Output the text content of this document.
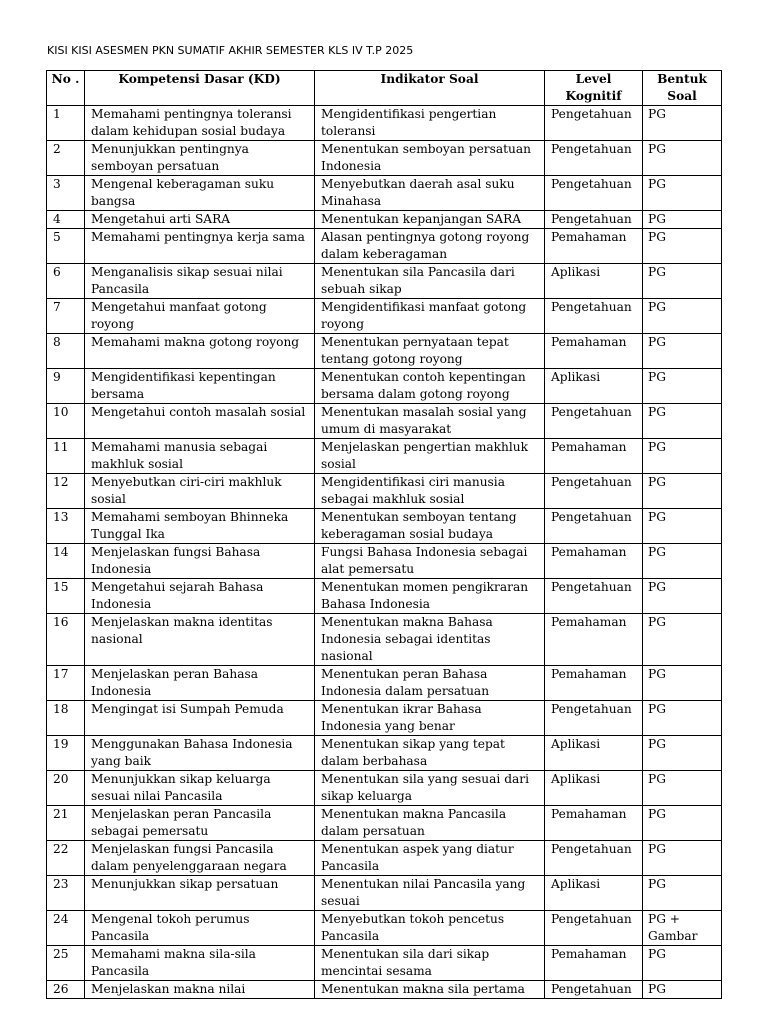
KISI KISI ASESMEN PKN SUMATIF AKHIR SEMESTER KLS IV T.P 2025
No .	Kompetensi Dasar (KD)	Indikator Soal	Level Kognitif	Bentuk Soal
1	Memahami pentingnya toleransi dalam kehidupan sosial budaya	Mengidentifikasi pengertian toleransi	Pengetahuan	PG
2	Menunjukkan pentingnya semboyan persatuan	Menentukan semboyan persatuan Indonesia	Pengetahuan	PG
3	Mengenal keberagaman suku bangsa	Menyebutkan daerah asal suku Minahasa	Pengetahuan	PG
4	Mengetahui arti SARA	Menentukan kepanjangan SARA	Pengetahuan	PG
5	Memahami pentingnya kerja sama	Alasan pentingnya gotong royong dalam keberagaman	Pemahaman	PG
6	Menganalisis sikap sesuai nilai Pancasila	Menentukan sila Pancasila dari sebuah sikap	Aplikasi	PG
7	Mengetahui manfaat gotong royong	Mengidentifikasi manfaat gotong royong	Pengetahuan	PG
8	Memahami makna gotong royong	Menentukan pernyataan tepat tentang gotong royong	Pemahaman	PG
9	Mengidentifikasi kepentingan bersama	Menentukan contoh kepentingan bersama dalam gotong royong	Aplikasi	PG
10	Mengetahui contoh masalah sosial	Menentukan masalah sosial yang umum di masyarakat	Pengetahuan	PG
11	Memahami manusia sebagai makhluk sosial	Menjelaskan pengertian makhluk sosial	Pemahaman	PG
12	Menyebutkan ciri-ciri makhluk sosial	Mengidentifikasi ciri manusia sebagai makhluk sosial	Pengetahuan	PG
13	Memahami semboyan Bhinneka Tunggal Ika	Menentukan semboyan tentang keberagaman sosial budaya	Pengetahuan	PG
14	Menjelaskan fungsi Bahasa Indonesia	Fungsi Bahasa Indonesia sebagai alat pemersatu	Pemahaman	PG
15	Mengetahui sejarah Bahasa Indonesia	Menentukan momen pengikraran Bahasa Indonesia	Pengetahuan	PG
16	Menjelaskan makna identitas nasional	Menentukan makna Bahasa Indonesia sebagai identitas nasional	Pemahaman	PG
17	Menjelaskan peran Bahasa Indonesia	Menentukan peran Bahasa Indonesia dalam persatuan	Pemahaman	PG
18	Mengingat isi Sumpah Pemuda	Menentukan ikrar Bahasa Indonesia yang benar	Pengetahuan	PG
19	Menggunakan Bahasa Indonesia yang baik	Menentukan sikap yang tepat dalam berbahasa	Aplikasi	PG
20	Menunjukkan sikap keluarga sesuai nilai Pancasila	Menentukan sila yang sesuai dari sikap keluarga	Aplikasi	PG
21	Menjelaskan peran Pancasila sebagai pemersatu	Menentukan makna Pancasila dalam persatuan	Pemahaman	PG
22	Menjelaskan fungsi Pancasila dalam penyelenggaraan negara	Menentukan aspek yang diatur Pancasila	Pengetahuan	PG
23	Menunjukkan sikap persatuan	Menentukan nilai Pancasila yang sesuai	Aplikasi	PG
24	Mengenal tokoh perumus Pancasila	Menyebutkan tokoh pencetus Pancasila	Pengetahuan	PG + Gambar
25	Memahami makna sila-sila Pancasila	Menentukan sila dari sikap mencintai sesama	Pemahaman	PG
26	Menjelaskan makna nilai	Menentukan makna sila pertama	Pengetahuan	PG
